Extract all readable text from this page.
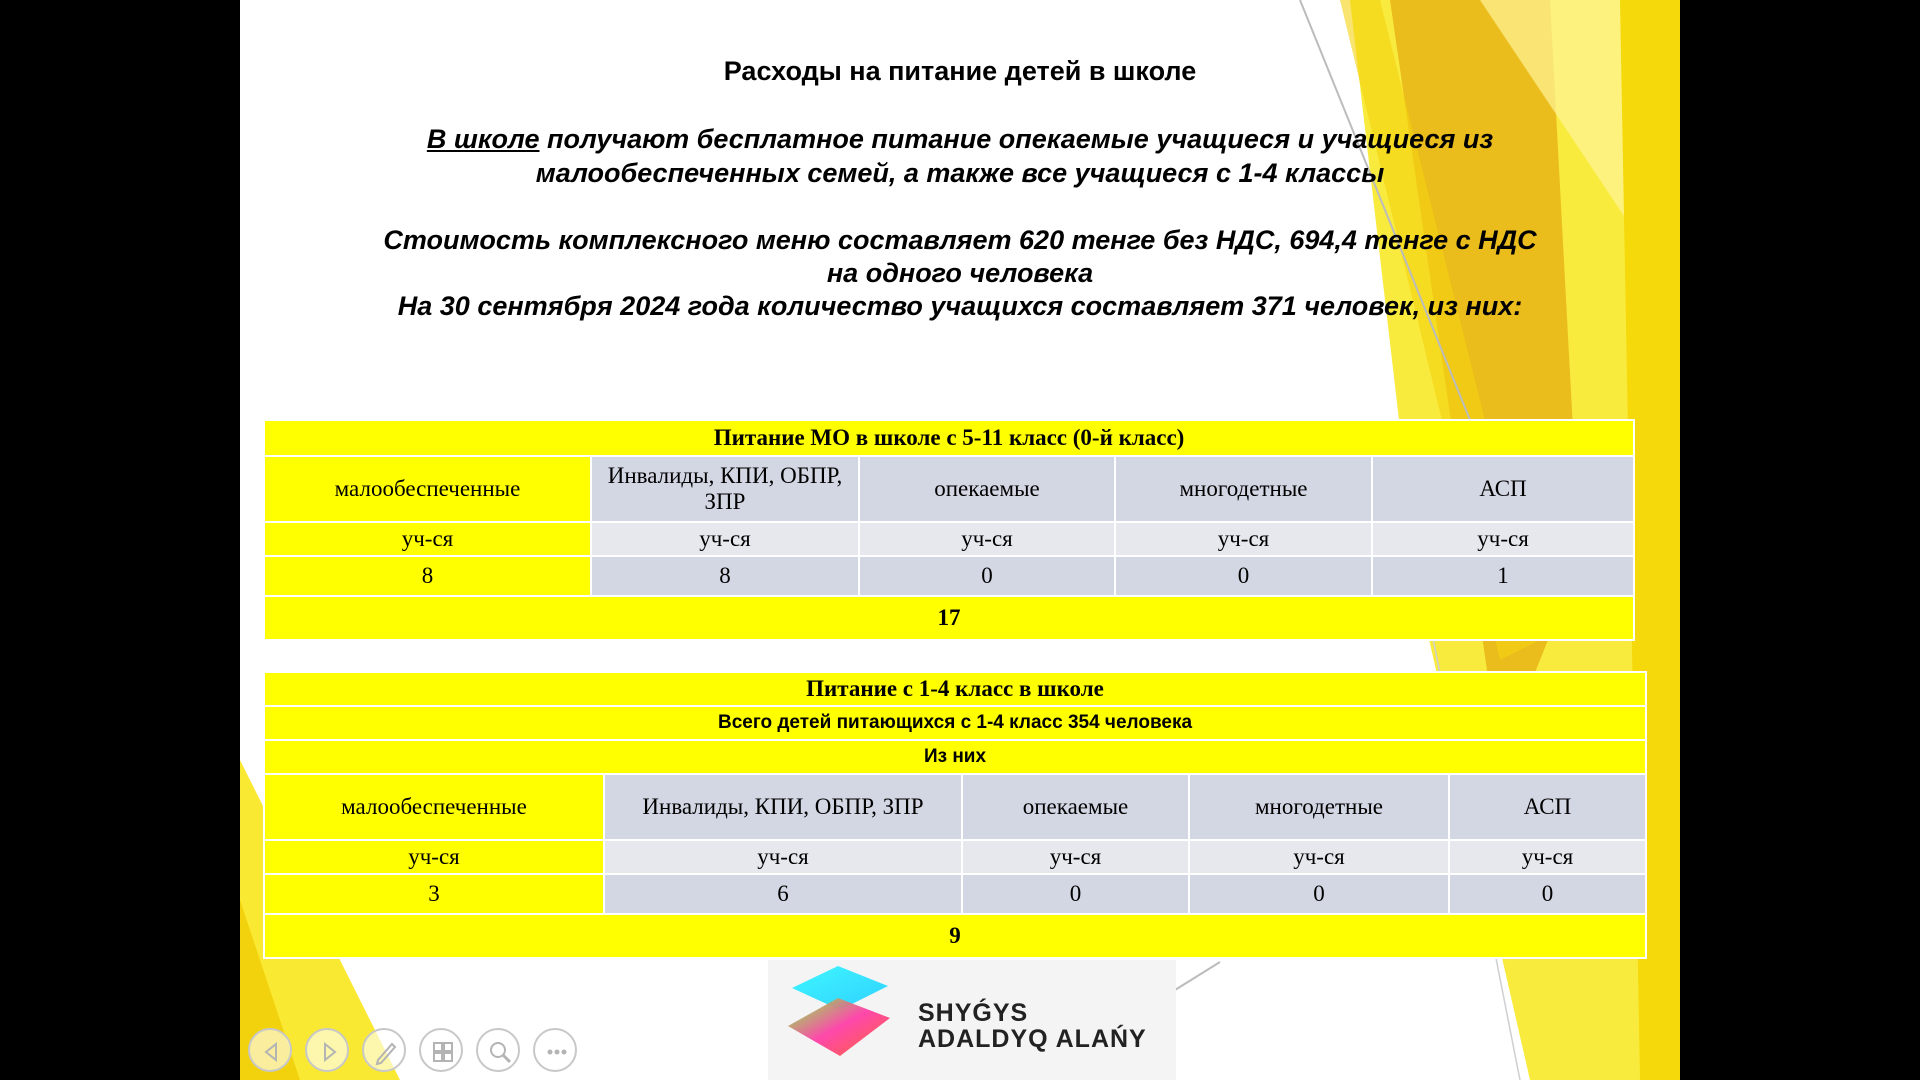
Расходы на питание детей в школе
В школе получают бесплатное питание опекаемые учащиеся и учащиеся из
малообеспеченных семей, а также все учащиеся с 1-4 классы
Стоимость комплексного меню составляет 620 тенге без НДС, 694,4 тенге с НДС
на одного человека
На 30 сентября 2024 года количество учащихся составляет 371 человек, из них:
Питание МО в школе с 5-11 класс (0-й класс)				
малообеспеченные	Инвалиды, КПИ, ОБПР, ЗПР	опекаемые	многодетные	АСП
уч-ся	уч-ся	уч-ся	уч-ся	уч-ся
8	8	0	0	1
17				
Питание с 1-4 класс в школе				
Всего детей питающихся с 1-4 класс 354 человека				
Из них				
малообеспеченные	Инвалиды, КПИ, ОБПР, ЗПР	опекаемые	многодетные	АСП
уч-ся	уч-ся	уч-ся	уч-ся	уч-ся
3	6	0	0	0
9				
SHYǴYS
ADALDYQ ALAŃY
